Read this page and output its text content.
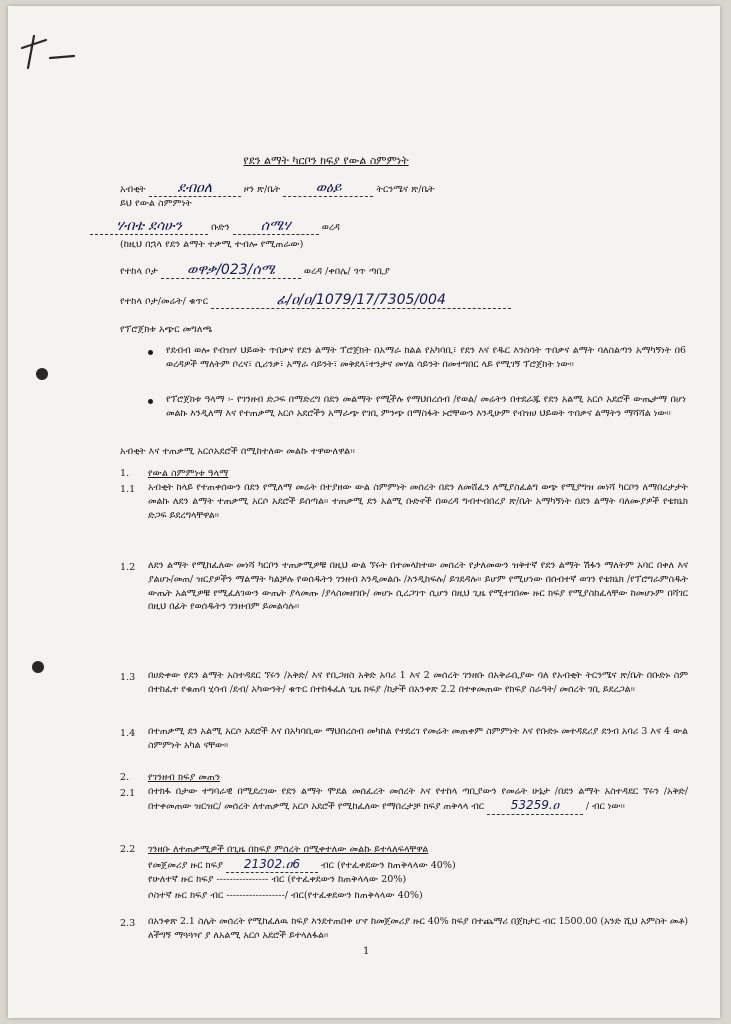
የደን ልማት ካርቦን ክፍያ የውል ስምምነት
አብቂት ደብዐለ	ዞን ጽ/ቤት	ወዕይ	ትርንሜና ጽ/ቤት
ይህ የውል ስምምነት
ሃብቴ ደሳሁን	ቡድን ሰሜሃ	ወረዳ
(ከዚህ በኋላ የደን ልማት ተቃሚ ተብሎ የሚጠራው)
የተከላ ቦታ ወዋቃ/023/ሰሜ	ወረዳ /ቀበሌ/ ጎጥ ጣቢያ
የተከላ ቦታ/መሬት/ ቁጥር	ፊ/ዐ/ዐ/1079/17/7305/004
የፕሮጀክቱ አጭር መግለጫ
የደብብ ወሎ የብዝሃ ህይወት ጥበቃና የደን ልማት ፕሮጀክት በአማራ ክልል የአካባቢ፣ የደን እና የዱር እንስሳት ጥበቃና ልማት ባለስልጣን አማካኝነት በ6 ወረዳዎች ማለትም ቦረና፣ ሲሪንቃ፣ አማራ ሳይንት፣ መቅደላ፣ተንታና መሃል ሳይንት በመተግበር ላይ የሚገኝ ፕሮጀክት ነው፡፡
የፕሮጀክቱ ዓላማ ፡- የገንዘብ ድጋፍ በማድረግ በደን መልማት የሚችሉ የማህበረሰብ /የወል/ መሬትን በተደራጁ የደን አልሚ አርሶ አደሮች ውጤታማ በሆነ መልኩ እንዲለማ እና የተጠቃሚ አርሶ አደሮችን አማራጭ የገቢ ምንጭ በማስፋት ኑሮቸውን እንዲሁም የብዝሀ ህይወት ጥበቃና ልማትን ማሻሻል ነው፡፡
አብቂት እና ተጠቃሚ አርሶአደሮች በሚከተለው መልኩ ተዋውለዋል፡፡
1. የውል ስምምነቱ ዓላማ
1.1 አብቂት ከላይ የተጠቀሰውን በደን የሚለማ መሬት በተያዘው ውል ስምምነት መሰረት በደን ለመሸፈን ለሚያስፈልግ ወጭ የሚያግዝ መነሻ ካርቦን ለማበረታታት መልኩ ለደን ልማት ተጠቃሚ አርሶ አደሮች ይሰጣል፡፡ ተጠቃሚ ደን አልሚ ቡድኖች በወረዳ ግብተብበረያ ጽ/ቤት አማካኝነት በደን ልማት ባለሙያዎች የቴክኒክ ድጋፍ ይደረግላቸዋል፡፡
1.2 ለደን ልማት የሚከፈለው መነሻ ካርቦን ተጠቃሚዎቹ በዚህ ውል ኘሩት በተመላከተው መሰረት የታለመውን ዝቅተኛ የደን ልማት ሽፋን ማለትም አባር በቀለ እና ያልሆኑ/መጠ/ ዝርያዎችን ማልማት ካልቻሉ የወሰዱትን ገንዘብ እንዲመልሱ /እንዲከፍሉ/ ይገደዳሉ፡፡ ይሆም የሚሆነው በሰብተኛ ወገን የቴክኒክ /የፕሮግራምስዱት ውጤት አልሚዎቹ የሚፈለገውን ውጤት ያላመጡ /ያላስመዘገቡ/ መሆኑ ሲረጋገጥ ሲሆን በዚህ ጊዜ የሚተገበሙ ዙር ክፍያ የሚያስከፈላቸው ከመሆኑም በሻገር በዚህ በፊት የወሰዱትን ገንዘብም ይመልሳሉ፡፡
1.3 በሀድቀው የደን ልማት አስተዳደር ኘሩን /አቅድ/ እና የቢጋዘስ አቅድ አባሪ 1 እና 2 መሰረት ገንዘቡ በአቅራቢያው ባለ የአብቂት ትርንሜና ጽ/ቤት በቡድኑ ስም በተከፈተ የቁጠባ ሂሳብ /ደብ/ አካውንት/ ቁጥር በተከፋፈለ ጊዜ ክፍያ /ከታች በአንቀጽ 2.2 በተቀመጠው የክፍያ ስራዓት/ መሰረት ገቢ ይደረጋል፡፡
1.4 በተጠቃሚ ደን አልሚ አርሶ አደሮች እና በአካባቢው ማህበረሰብ መካከል የተደረገ የመሬት መጠቀም ስምምነት እና የቡድኑ መተዳደሪያ ደንብ አባሪ 3 እና 4 ውል ስምምነት አካል ናቸው፡፡
2. የገንዘብ ክፍያ መጠን
2.1 በተክፋ በታው ተግባራዊ በሚደረገው የደን ልማት ሞደል መሰፈረት መሰረት እና የተከላ ጣቢያውን የመሬት ሁኔታ /በደን ልማት አስተዳደር ኘሩን /አቅድ/ በተቀመጠው ዝርዝር/ መሰረት ለተጠቃሚ አርሶ አደሮች የሚከፈለው የማበረታቻ ክፍያ ጠቅላላ ብር 53259.ዐ	/ ብር ነው፡፡
2.2 ገንዘቡ ለተጠቃሚዎች በጊዜ በክፍያ ምሰረት በሚቀተለው መልኩ ይተላለፍላቸዋል
የመጀመሪያ ዙር ክፍያ 21302.ዐ6 ብር (የተፈቀደውን ከጠቅላላው 40%)
የሁለተኛ ዙር ክፍያ ---------------- ብር (የተፈቀደውን ከጠቅላላው 20%)
ሶስተኛ ዙር ክፍያ ብር ------------------/ ብር(የተፈቀደውን ከጠቅላላው 40%)
2.3 በአንቀጽ 2.1 ስሌት መሰረት የሚከፈለዉ ክፍያ እንደተጠበቀ ሆኖ ከመጀመሪያ ዙር 40% ክፍያ በተጨማሪ በጀክታር ብር 1500.00 (አንድ ሺህ አምስት መቶ) ለችግኝ ማጓጓዣ ያ ለአልሚ አርሶ አደሮች ይተላለፋል፡፡
1
